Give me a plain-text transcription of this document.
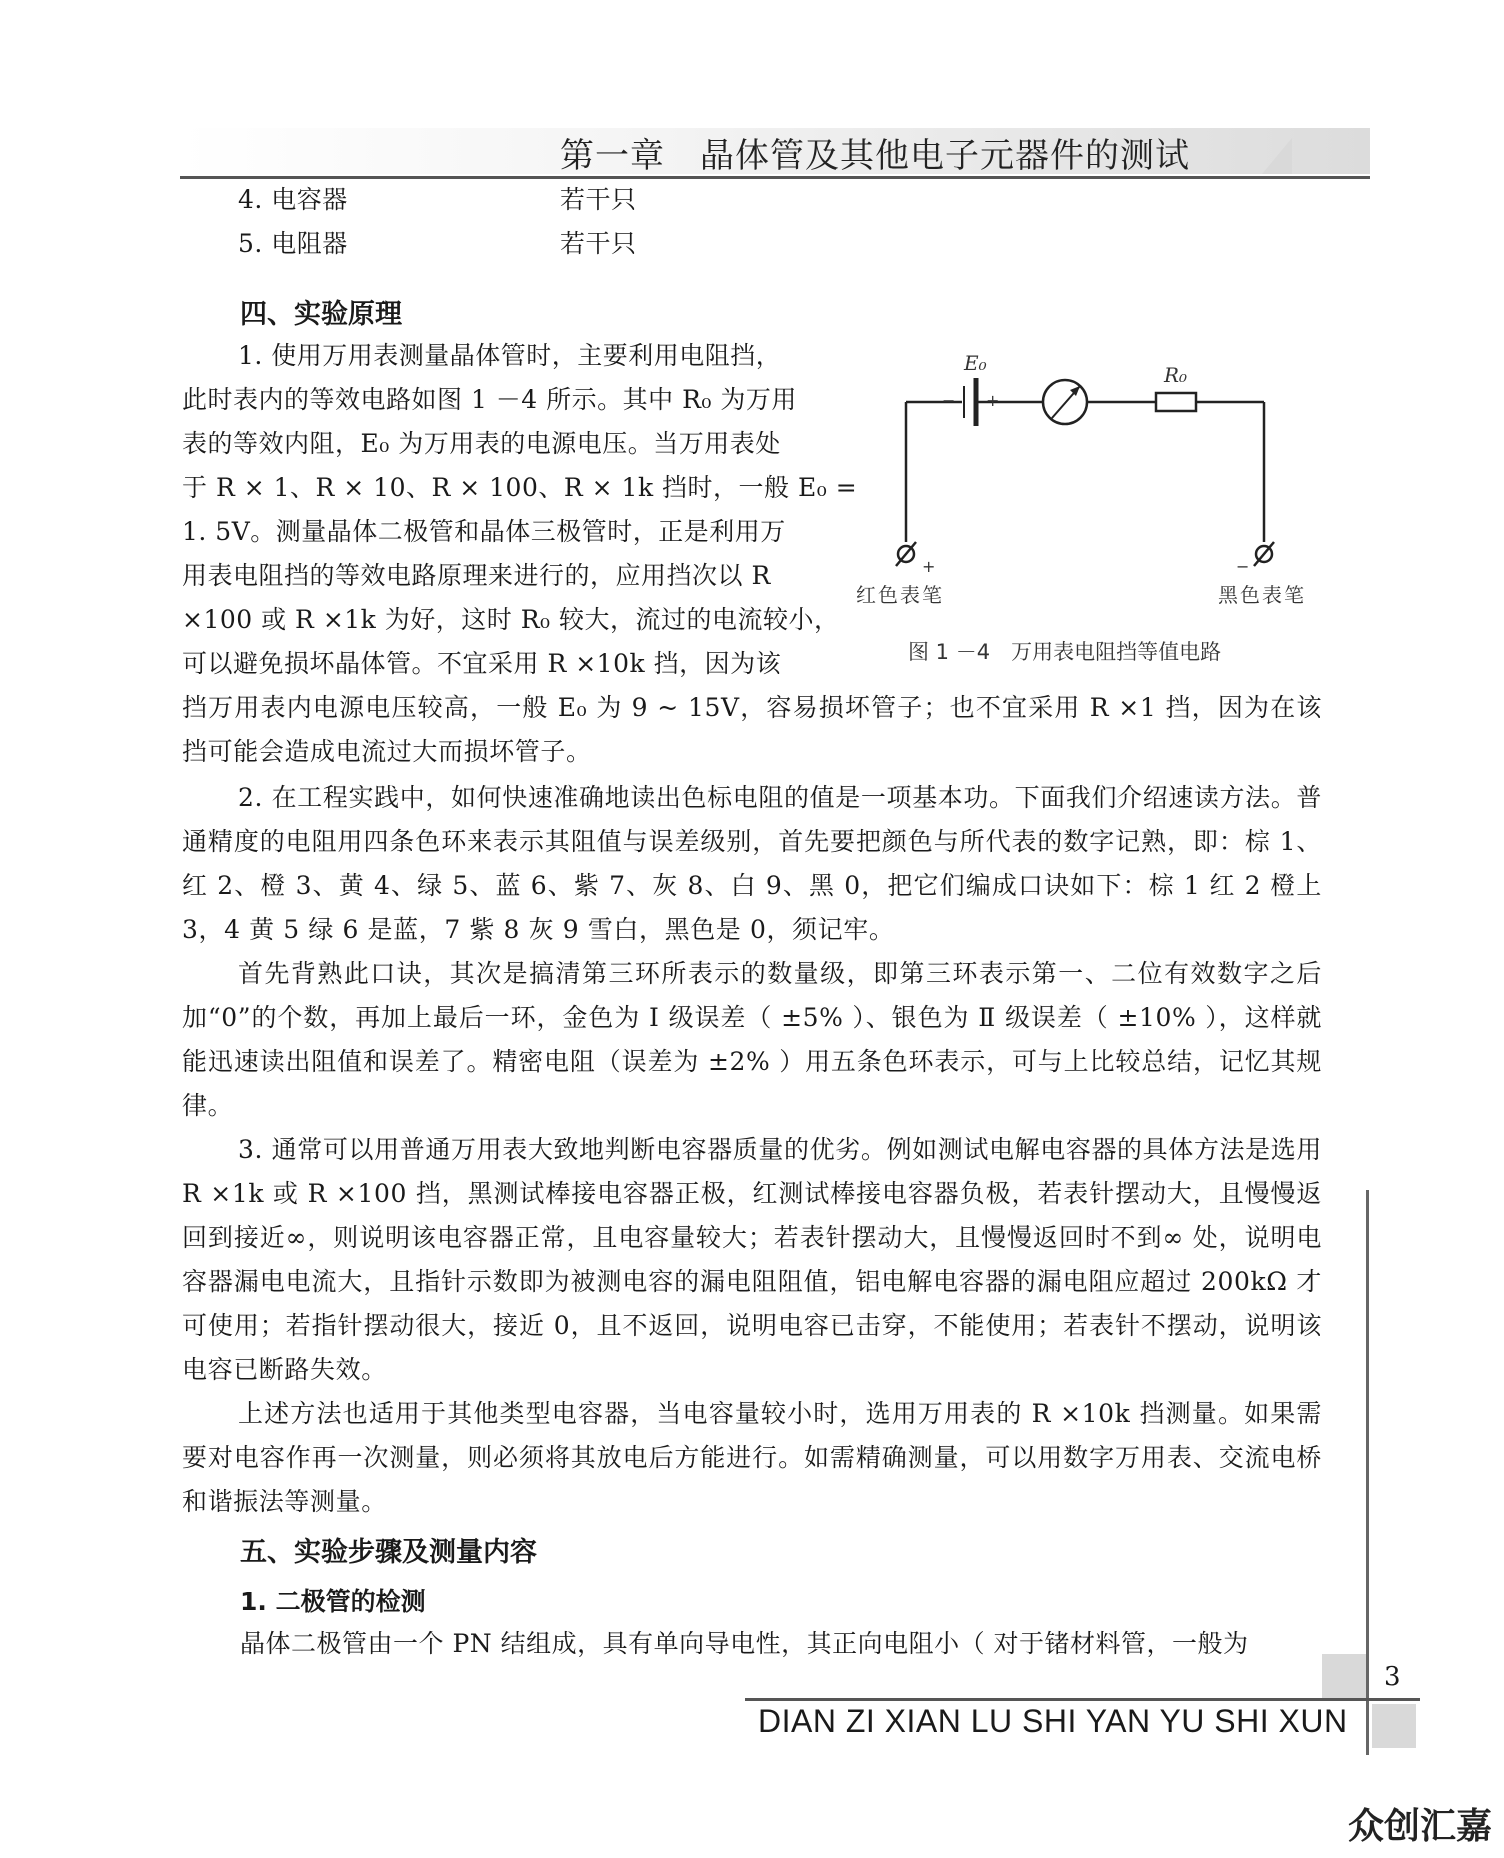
第一章　晶体管及其他电子元器件的测试
4. 电容器	若干只
5. 电阻器	若干只
四、实验原理
1. 使用万用表测量晶体管时，主要利用电阻挡，
此时表内的等效电路如图 1 －4 所示。其中 R₀ 为万用
表的等效内阻，E₀ 为万用表的电源电压。当万用表处
于 R × 1、R × 10、R × 100、R × 1k 挡时，一般 E₀ =
1. 5V。测量晶体二极管和晶体三极管时，正是利用万
用表电阻挡的等效电路原理来进行的，应用挡次以 R
×100 或 R ×1k 为好，这时 R₀ 较大，流过的电流较小，
可以避免损坏晶体管。不宜采用 R ×10k 挡，因为该
E₀
− +
R₀
+	−
红色表笔	黑色表笔
图 1 －4　万用表电阻挡等值电路
挡万用表内电源电压较高，一般 E₀ 为 9 ~ 15V，容易损坏管子；也不宜采用 R ×1 挡，因为在该挡可能会造成电流过大而损坏管子。
2. 在工程实践中，如何快速准确地读出色标电阻的值是一项基本功。下面我们介绍速读方法。普通精度的电阻用四条色环来表示其阻值与误差级别，首先要把颜色与所代表的数字记熟，即：棕 1、红 2、橙 3、黄 4、绿 5、蓝 6、紫 7、灰 8、白 9、黑 0，把它们编成口诀如下：棕 1 红 2 橙上 3，4 黄 5 绿 6 是蓝，7 紫 8 灰 9 雪白，黑色是 0，须记牢。
首先背熟此口诀，其次是搞清第三环所表示的数量级，即第三环表示第一、二位有效数字之后加“0”的个数，再加上最后一环，金色为 Ⅰ 级误差（ ±5% ）、银色为 Ⅱ 级误差（ ±10% ），这样就能迅速读出阻值和误差了。精密电阻（误差为 ±2% ）用五条色环表示，可与上比较总结，记忆其规律。
3. 通常可以用普通万用表大致地判断电容器质量的优劣。例如测试电解电容器的具体方法是选用 R ×1k 或 R ×100 挡，黑测试棒接电容器正极，红测试棒接电容器负极，若表针摆动大，且慢慢返回到接近∞，则说明该电容器正常，且电容量较大；若表针摆动大，且慢慢返回时不到∞ 处，说明电容器漏电电流大，且指针示数即为被测电容的漏电阻阻值，铝电解电容器的漏电阻应超过 200kΩ 才可使用；若指针摆动很大，接近 0，且不返回，说明电容已击穿，不能使用；若表针不摆动，说明该电容已断路失效。
上述方法也适用于其他类型电容器，当电容量较小时，选用万用表的 R ×10k 挡测量。如果需要对电容作再一次测量，则必须将其放电后方能进行。如需精确测量，可以用数字万用表、交流电桥和谐振法等测量。
五、实验步骤及测量内容
1. 二极管的检测
晶体二极管由一个 PN 结组成，具有单向导电性，其正向电阻小（ 对于锗材料管，一般为
3
DIAN ZI XIAN LU SHI YAN YU SHI XUN
众创汇嘉
